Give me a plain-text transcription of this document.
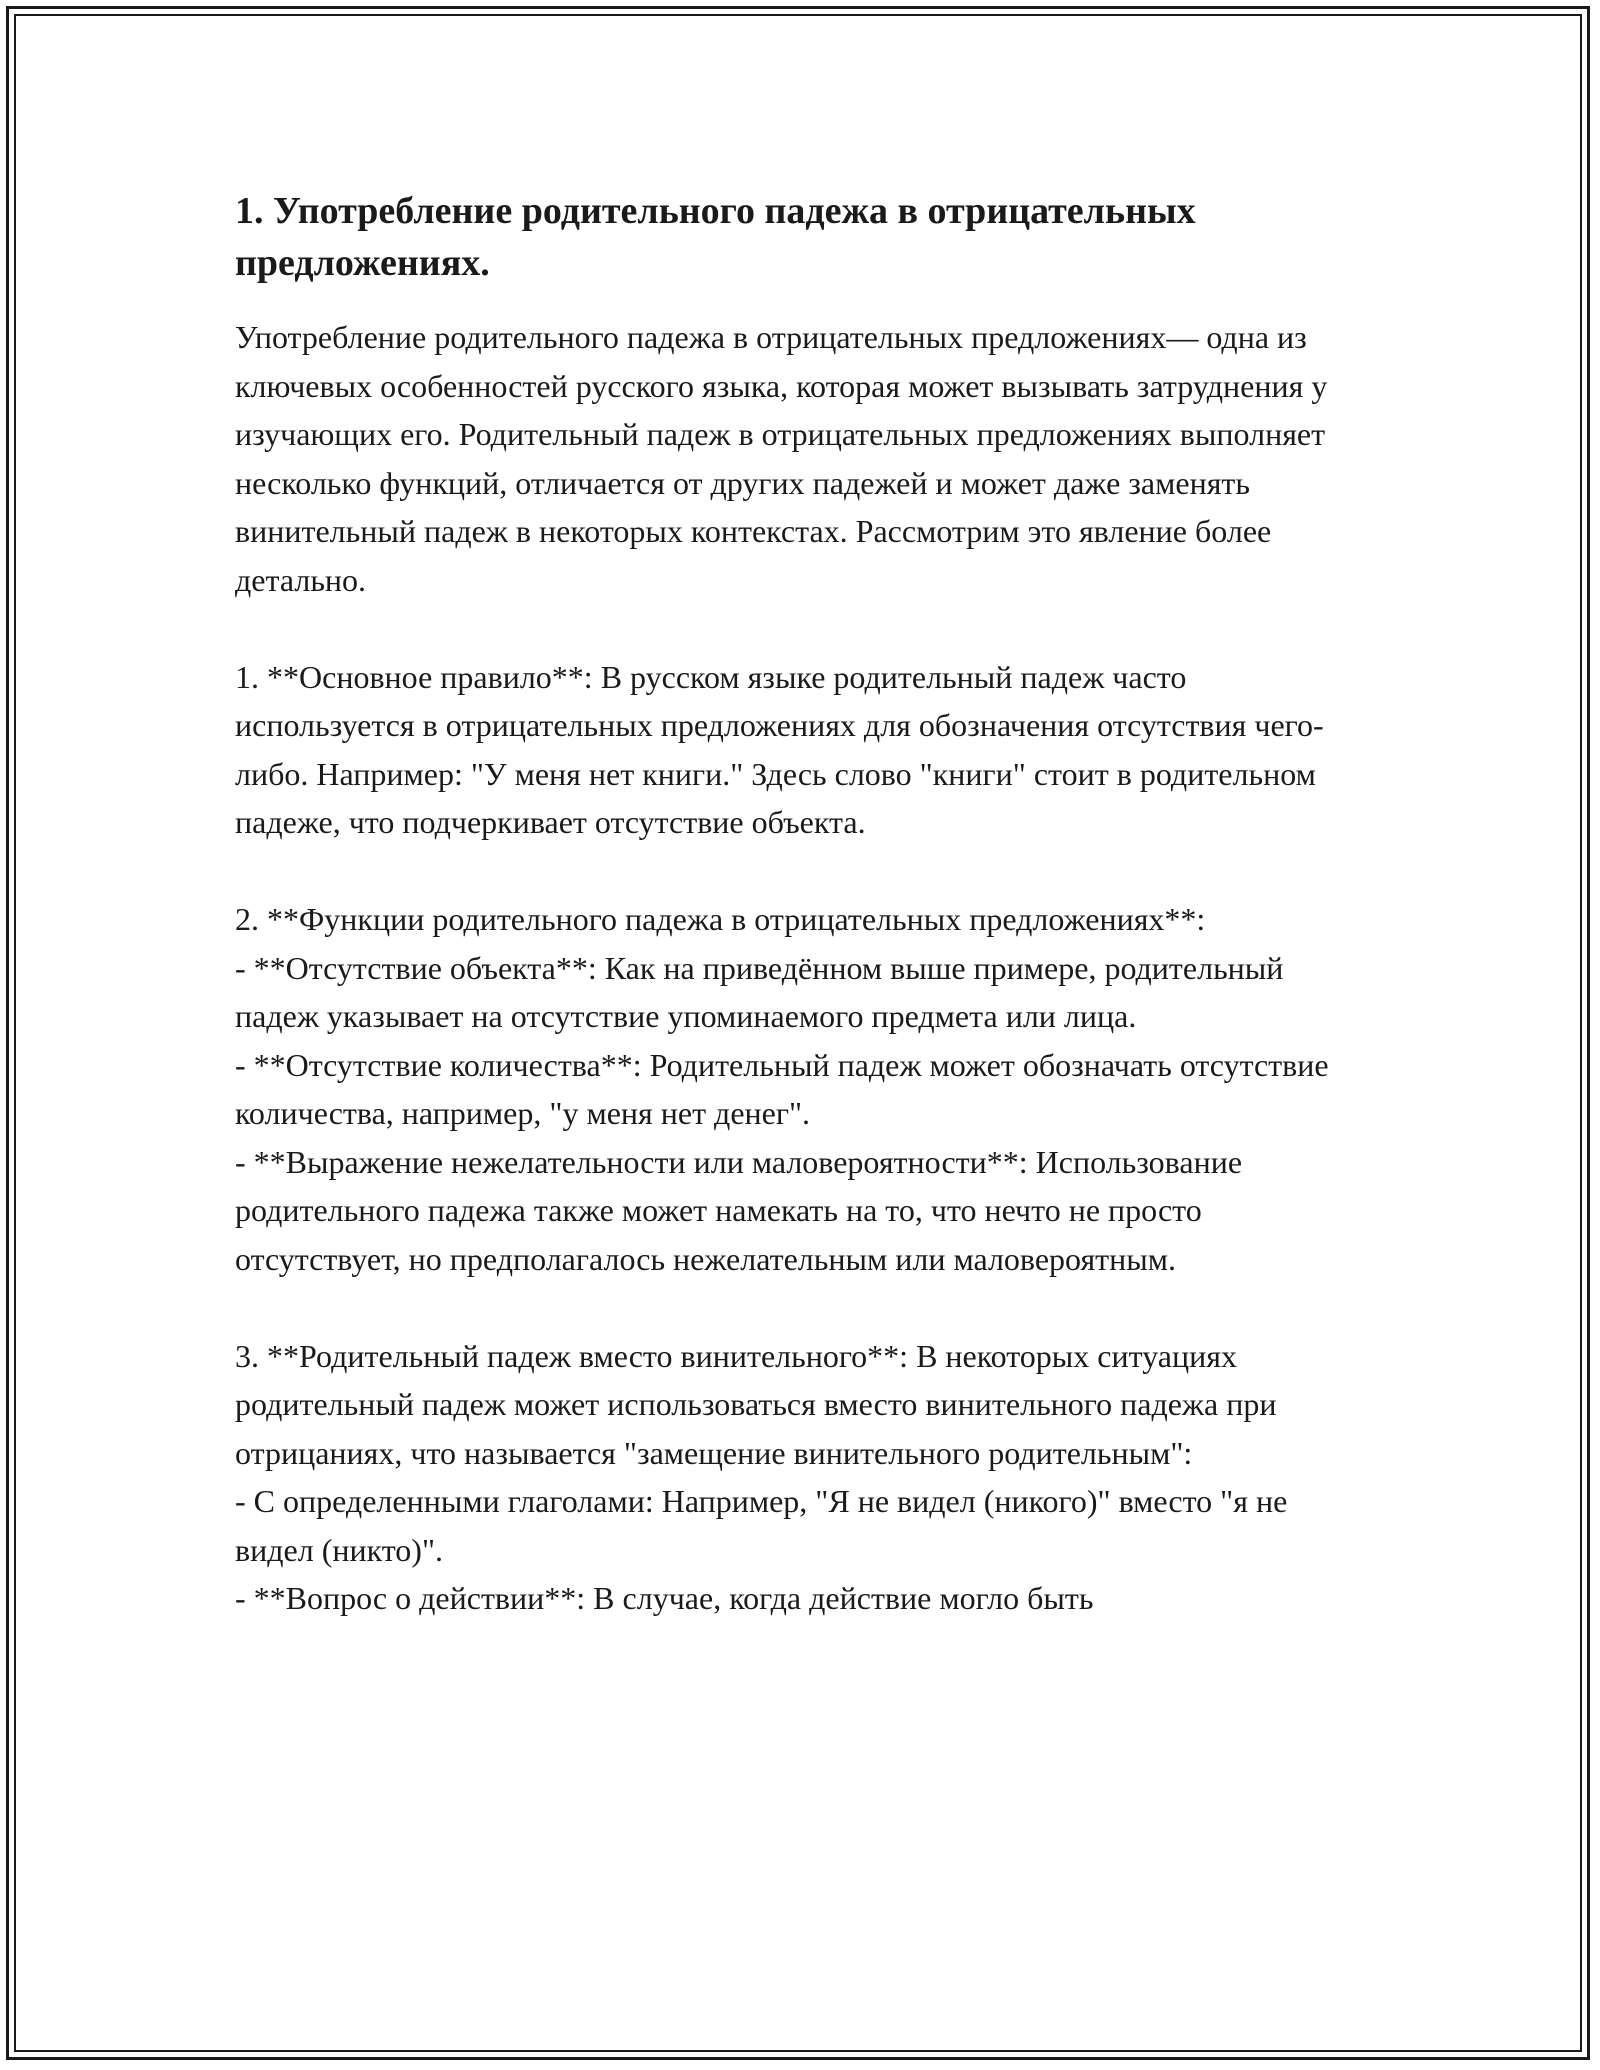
1. Употребление родительного падежа в отрицательных предложениях.

Употребление родительного падежа в отрицательных предложениях— одна из ключевых особенностей русского языка, которая может вызывать затруднения у изучающих его. Родительный падеж в отрицательных предложениях выполняет несколько функций, отличается от других падежей и может даже заменять винительный падеж в некоторых контекстах. Рассмотрим это явление более детально.

1. **Основное правило**: В русском языке родительный падеж часто используется в отрицательных предложениях для обозначения отсутствия чего-либо. Например: "У меня нет книги." Здесь слово "книги" стоит в родительном падеже, что подчеркивает отсутствие объекта.

2. **Функции родительного падежа в отрицательных предложениях**:
- **Отсутствие объекта**: Как на приведённом выше примере, родительный падеж указывает на отсутствие упоминаемого предмета или лица.
- **Отсутствие количества**: Родительный падеж может обозначать отсутствие количества, например, "у меня нет денег".
- **Выражение нежелательности или маловероятности**: Использование родительного падежа также может намекать на то, что нечто не просто отсутствует, но предполагалось нежелательным или маловероятным.

3. **Родительный падеж вместо винительного**: В некоторых ситуациях родительный падеж может использоваться вместо винительного падежа при отрицаниях, что называется "замещение винительного родительным":
- С определенными глаголами: Например, "Я не видел (никого)" вместо "я не видел (никто)".
- **Вопрос о действии**: В случае, когда действие могло быть
